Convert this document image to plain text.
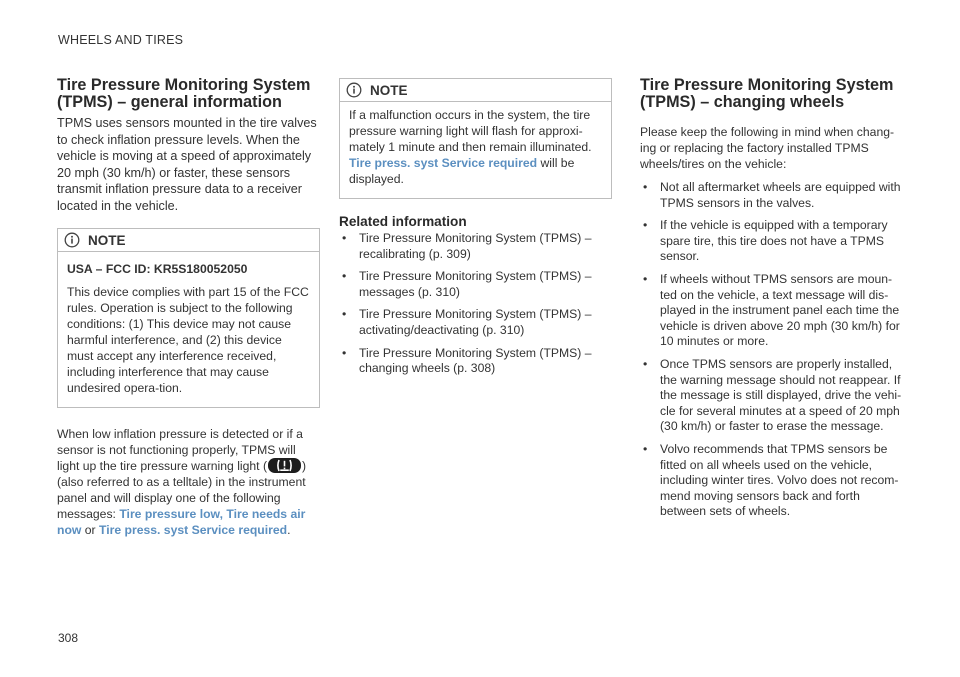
WHEELS AND TIRES
Tire Pressure Monitoring System
(TPMS) – general information

TPMS uses sensors mounted in the tire valves to check inflation pressure levels. When the vehicle is moving at a speed of approximately 20 mph (30 km/h) or faster, these sensors transmit inflation pressure data to a receiver located in the vehicle.

NOTE

USA – FCC ID: KR5S180052050

This device complies with part 15 of the FCC rules. Operation is subject to the following conditions: (1) This device may not cause harmful interference, and (2) this device must accept any interference received, including interference that may cause undesired opera-tion.

When low inflation pressure is detected or if a sensor is not functioning properly, TPMS will light up the tire pressure warning light (	) (also referred to as a telltale) in the instrument panel and will display one of the following messages: Tire pressure low, Tire needs air now or Tire press. syst Service required.

NOTE

If a malfunction occurs in the system, the tire pressure warning light will flash for approxi-mately 1 minute and then remain illuminated. Tire press. syst Service required will be displayed.

Related information
• Tire Pressure Monitoring System (TPMS) – recalibrating (p. 309)
• Tire Pressure Monitoring System (TPMS) – messages (p. 310)
• Tire Pressure Monitoring System (TPMS) – activating/deactivating (p. 310)
• Tire Pressure Monitoring System (TPMS) – changing wheels (p. 308)
Tire Pressure Monitoring System
(TPMS) – changing wheels

Please keep the following in mind when chang-ing or replacing the factory installed TPMS wheels/tires on the vehicle:

• Not all aftermarket wheels are equipped with TPMS sensors in the valves.
• If the vehicle is equipped with a temporary spare tire, this tire does not have a TPMS sensor.
• If wheels without TPMS sensors are moun-ted on the vehicle, a text message will dis-played in the instrument panel each time the vehicle is driven above 20 mph (30 km/h) for 10 minutes or more.
• Once TPMS sensors are properly installed, the warning message should not reappear. If the message is still displayed, drive the vehi-cle for several minutes at a speed of 20 mph (30 km/h) or faster to erase the message.
• Volvo recommends that TPMS sensors be fitted on all wheels used on the vehicle, including winter tires. Volvo does not recom-mend moving sensors back and forth between sets of wheels.
308
